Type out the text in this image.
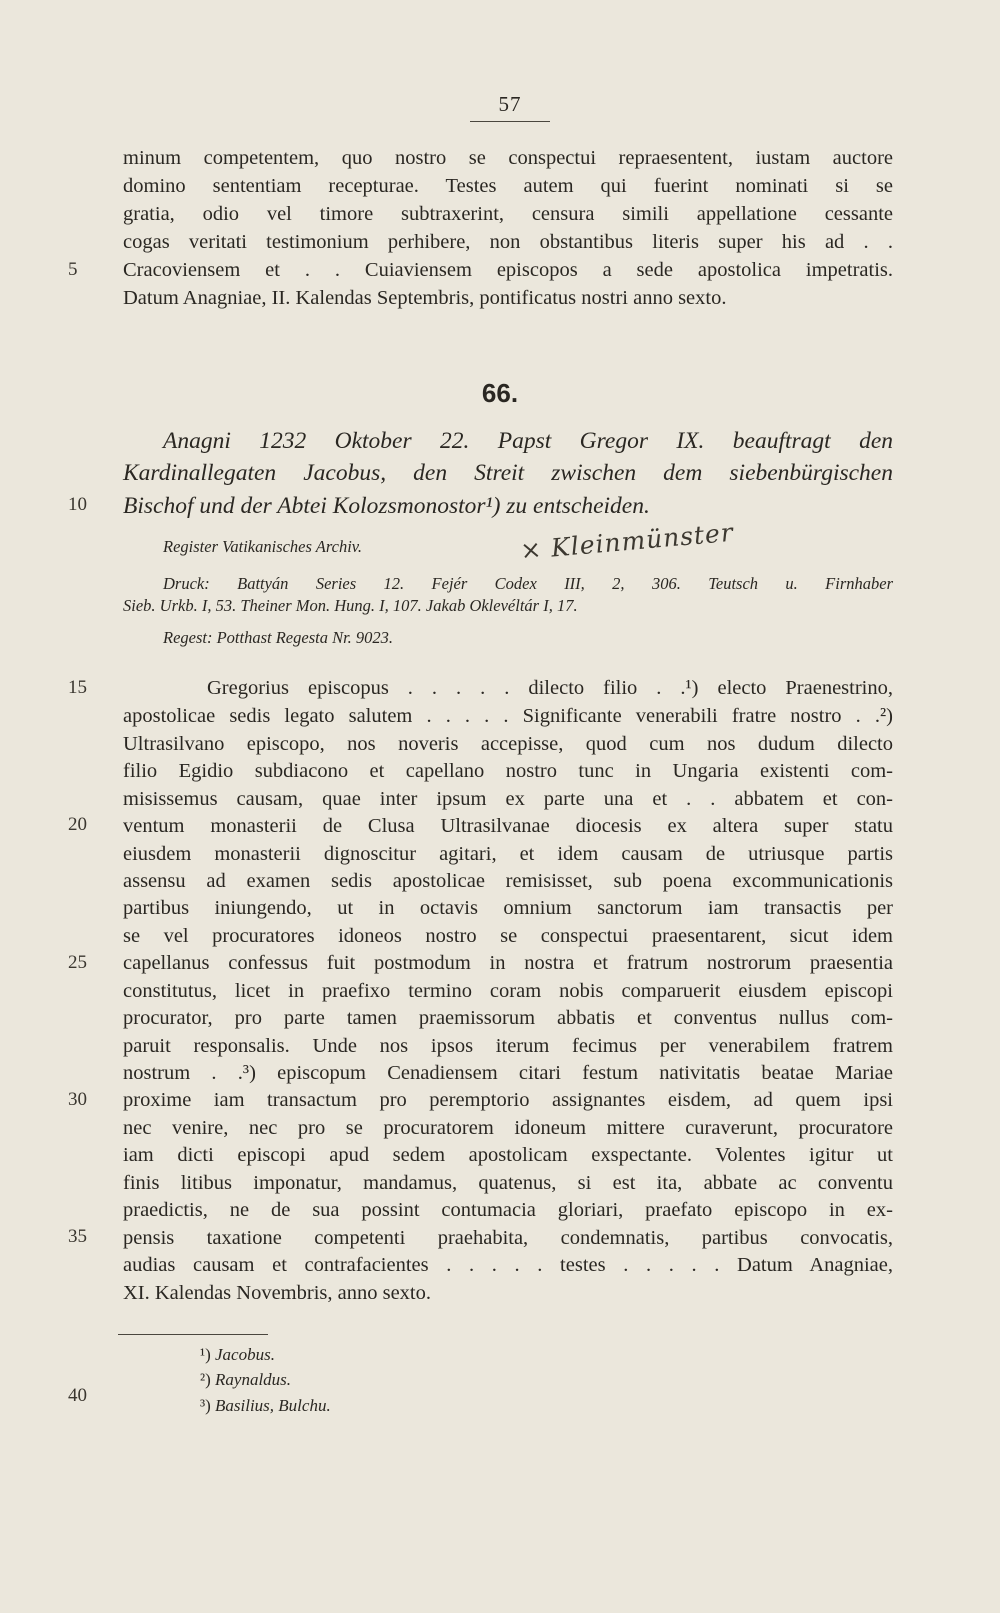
57
5
10
15
20
25
30
35
40
minum competentem, quo nostro se conspectui repraesentent, iustam auctore
domino sententiam recepturae. Testes autem qui fuerint nominati si se
gratia, odio vel timore subtraxerint, censura simili appellatione cessante
cogas veritati testimonium perhibere, non obstantibus literis super his ad . .
Cracoviensem et . . Cuiaviensem episcopos a sede apostolica impetratis.
Datum Anagniae, II. Kalendas Septembris, pontificatus nostri anno sexto.
66.
Anagni 1232 Oktober 22. Papst Gregor IX. beauftragt den
Kardinallegaten Jacobus, den Streit zwischen dem siebenbürgischen
Bischof und der Abtei Kolozsmonostor¹) zu entscheiden.
Register Vatikanisches Archiv.	× Kleinmünster
Druck: Battyán Series 12. Fejér Codex III, 2, 306. Teutsch u. Firnhaber
Sieb. Urkb. I, 53. Theiner Mon. Hung. I, 107. Jakab Oklevéltár I, 17.
Regest: Potthast Regesta Nr. 9023.
Gregorius episcopus . . . . . dilecto filio . .¹) electo Praenestrino,
apostolicae sedis legato salutem . . . . . Significante venerabili fratre nostro . .²)
Ultrasilvano episcopo, nos noveris accepisse, quod cum nos dudum dilecto
filio Egidio subdiacono et capellano nostro tunc in Ungaria existenti com-
misissemus causam, quae inter ipsum ex parte una et . . abbatem et con-
ventum monasterii de Clusa Ultrasilvanae diocesis ex altera super statu
eiusdem monasterii dignoscitur agitari, et idem causam de utriusque partis
assensu ad examen sedis apostolicae remisisset, sub poena excommunicationis
partibus iniungendo, ut in octavis omnium sanctorum iam transactis per
se vel procuratores idoneos nostro se conspectui praesentarent, sicut idem
capellanus confessus fuit postmodum in nostra et fratrum nostrorum praesentia
constitutus, licet in praefixo termino coram nobis comparuerit eiusdem episcopi
procurator, pro parte tamen praemissorum abbatis et conventus nullus com-
paruit responsalis. Unde nos ipsos iterum fecimus per venerabilem fratrem
nostrum . .³) episcopum Cenadiensem citari festum nativitatis beatae Mariae
proxime iam transactum pro peremptorio assignantes eisdem, ad quem ipsi
nec venire, nec pro se procuratorem idoneum mittere curaverunt, procuratore
iam dicti episcopi apud sedem apostolicam exspectante. Volentes igitur ut
finis litibus imponatur, mandamus, quatenus, si est ita, abbate ac conventu
praedictis, ne de sua possint contumacia gloriari, praefato episcopo in ex-
pensis taxatione competenti praehabita, condemnatis, partibus convocatis,
audias causam et contrafacientes . . . . . testes . . . . . Datum Anagniae,
XI. Kalendas Novembris, anno sexto.
¹) Jacobus.
²) Raynaldus.
³) Basilius, Bulchu.
